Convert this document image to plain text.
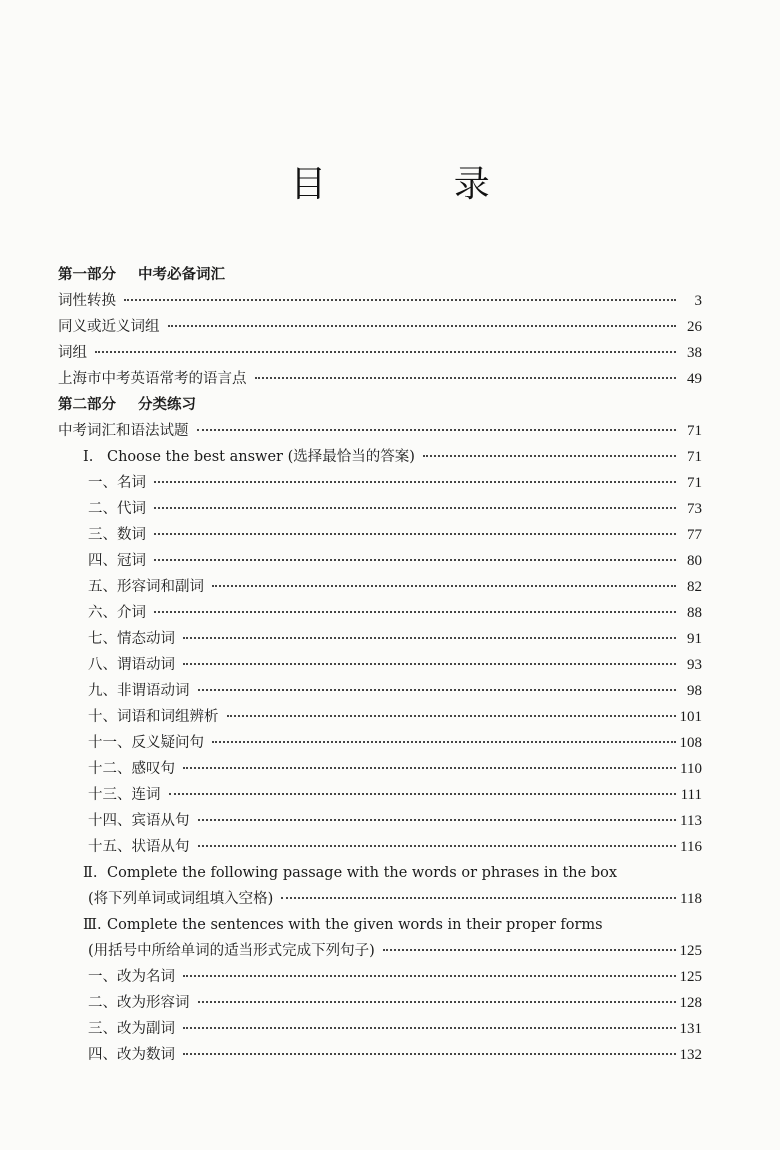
目 录
第一部分 中考必备词汇
词性转换	3
同义或近义词组	26
词组	38
上海市中考英语常考的语言点	49
第二部分 分类练习
中考词汇和语法试题	71
Ⅰ. Choose the best answer (选择最恰当的答案)	71
一、名词	71
二、代词	73
三、数词	77
四、冠词	80
五、形容词和副词	82
六、介词	88
七、情态动词	91
八、谓语动词	93
九、非谓语动词	98
十、词语和词组辨析	101
十一、反义疑问句	108
十二、感叹句	110
十三、连词	111
十四、宾语从句	113
十五、状语从句	116
Ⅱ. Complete the following passage with the words or phrases in the box
(将下列单词或词组填入空格)	118
Ⅲ. Complete the sentences with the given words in their proper forms
(用括号中所给单词的适当形式完成下列句子)	125
一、改为名词	125
二、改为形容词	128
三、改为副词	131
四、改为数词	132
